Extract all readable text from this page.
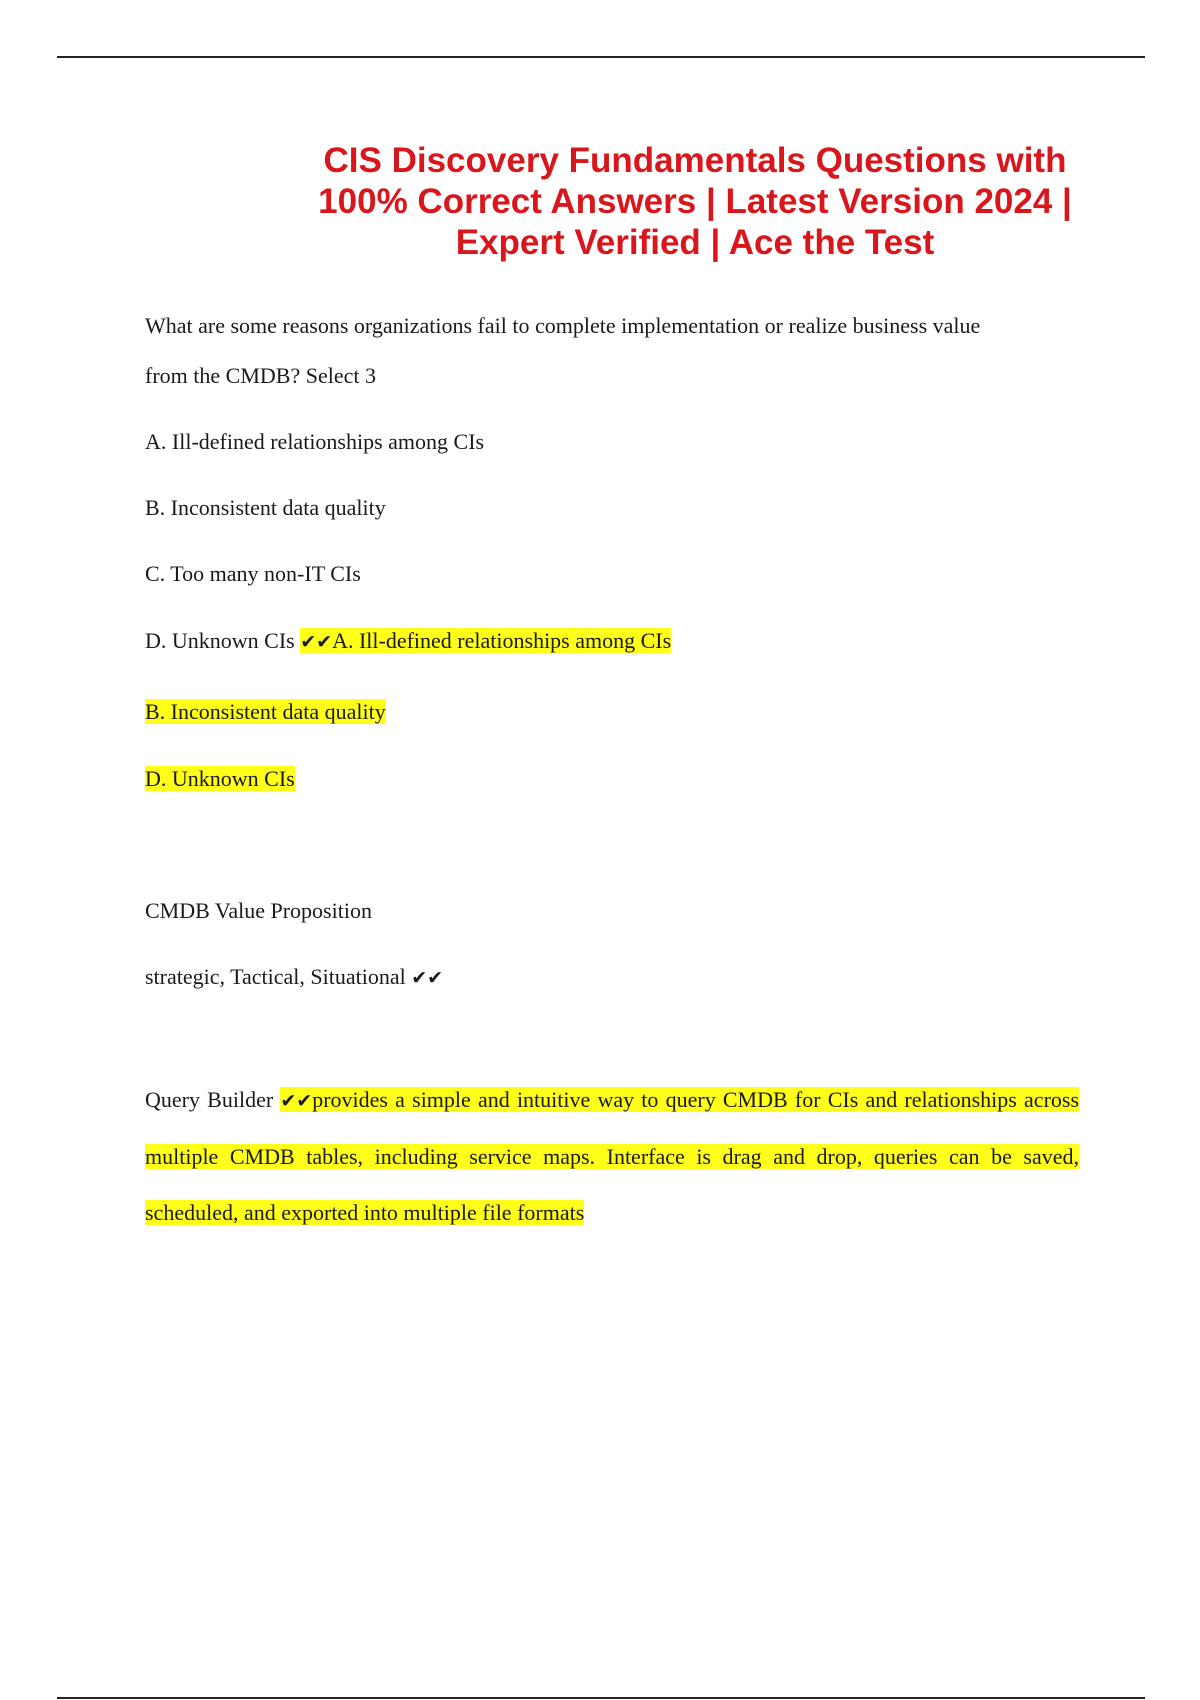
CIS Discovery Fundamentals Questions with 100% Correct Answers | Latest Version 2024 | Expert Verified | Ace the Test
What are some reasons organizations fail to complete implementation or realize business value
from the CMDB? Select 3
A. Ill-defined relationships among CIs
B. Inconsistent data quality
C. Too many non-IT CIs
D. Unknown CIs ✔✔A. Ill-defined relationships among CIs
B. Inconsistent data quality
D. Unknown CIs
CMDB Value Proposition
strategic, Tactical, Situational ✔✔
Query Builder ✔✔provides a simple and intuitive way to query CMDB for CIs and relationships across multiple CMDB tables, including service maps. Interface is drag and drop, queries can be saved, scheduled, and exported into multiple file formats
